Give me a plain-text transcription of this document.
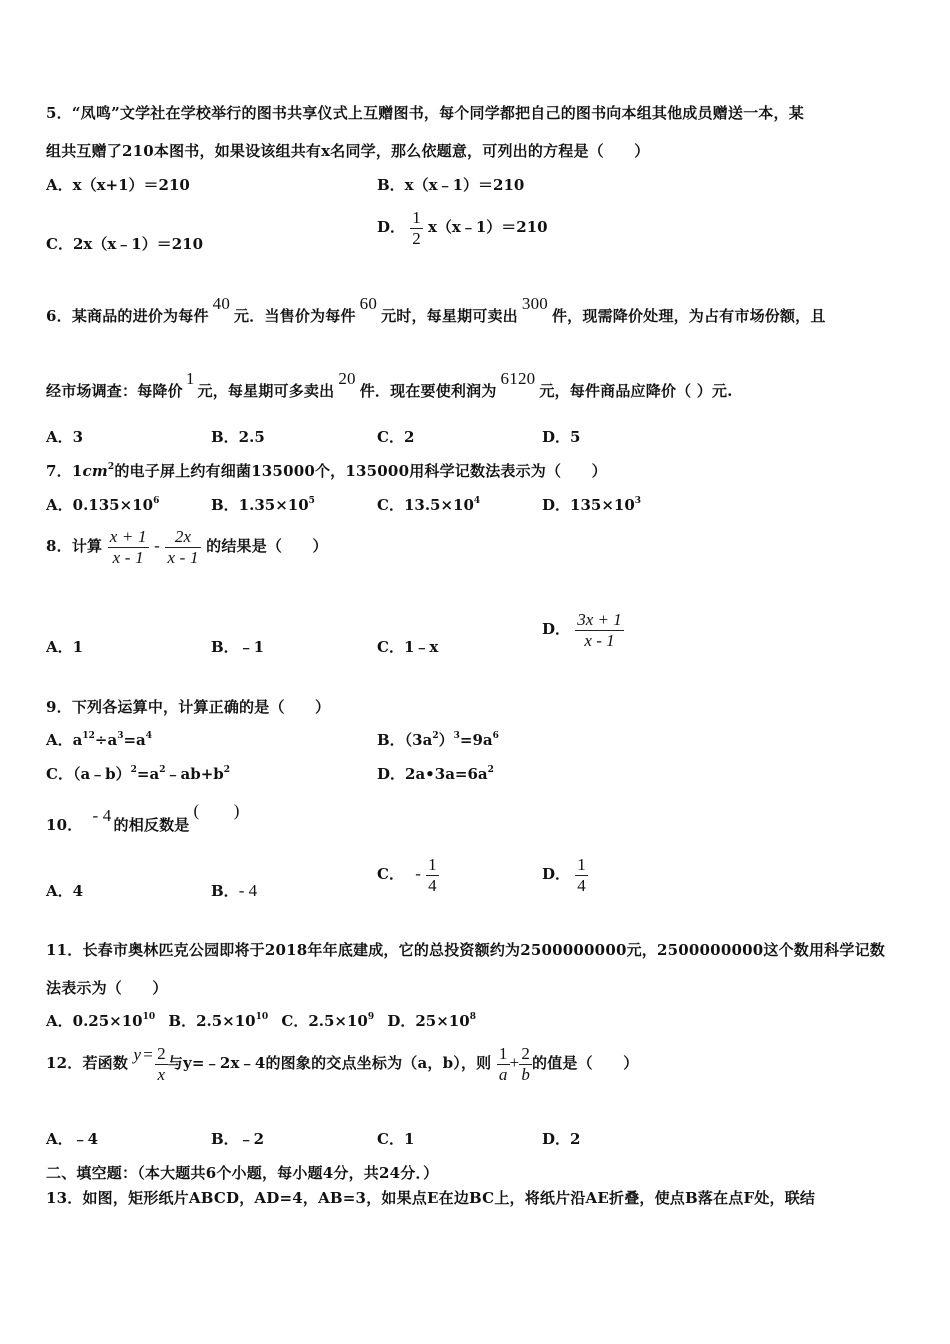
5．“凤鸣”文学社在学校举行的图书共享仪式上互赠图书，每个同学都把自己的图书向本组其他成员赠送一本，某
组共互赠了210本图书，如果设该组共有x名同学，那么依题意，可列出的方程是（　　）
A．x（x+1）＝210	B．x（x﹣1）＝210
C．2x（x﹣1）＝210
D． $\frac{1}{2}$ x（x﹣1）＝210
6．某商品的进价为每件40元．当售价为每件60元时，每星期可卖出300件，现需降价处理，为占有市场份额，且
经市场调查：每降价1元，每星期可多卖出20件．现在要使利润为6120元，每件商品应降价（ ）元.
A．3	B．2.5	C．2	D．5
7．$1cm^2$的电子屏上约有细菌135000个，135000用科学记数法表示为（　　）
A．$0.135\times 10^6$	B．$1.35\times 10^5$	C．$13.5\times 10^4$	D．$135\times 10^3$
8．计算 $\frac{x + 1}{x - 1} - \frac{2x}{x - 1}$ 的结果是（　　）
A．1	B．﹣1	C．1﹣x
D． $\frac{3x + 1}{x - 1}$
9．下列各运算中，计算正确的是（　　）
A．$a^{12}\div a^3=a^4$	B．$(3a^2)^3=9a^6$
C．$(a﹣b)^2=a^2﹣ab+b^2$	D．$2a•3a=6a^2$
10． - 4 的相反数是(　　)
A．4	B．- 4
C． - $\frac{1}{4}$	D． $\frac{1}{4}$
11．长春市奥林匹克公园即将于2018年年底建成，它的总投资额约为2500000000元，2500000000这个数用科学记数
法表示为（　　）
A．$0.25\times 10^{10}$ B．$2.5\times 10^{10}$ C．$2.5\times 10^9$ D．$25\times 10^8$
12．若函数 $y = \frac{2}{x}$ 与y=﹣2x﹣4的图象的交点坐标为（a，b），则 $\frac{1}{a} + \frac{2}{b}$ 的值是（　　）
A．﹣4	B．﹣2	C．1	D．2
二、填空题：（本大题共6个小题，每小题4分，共24分．）
13．如图，矩形纸片ABCD，AD=4，AB=3，如果点E在边BC上，将纸片沿AE折叠，使点B落在点F处，联结
